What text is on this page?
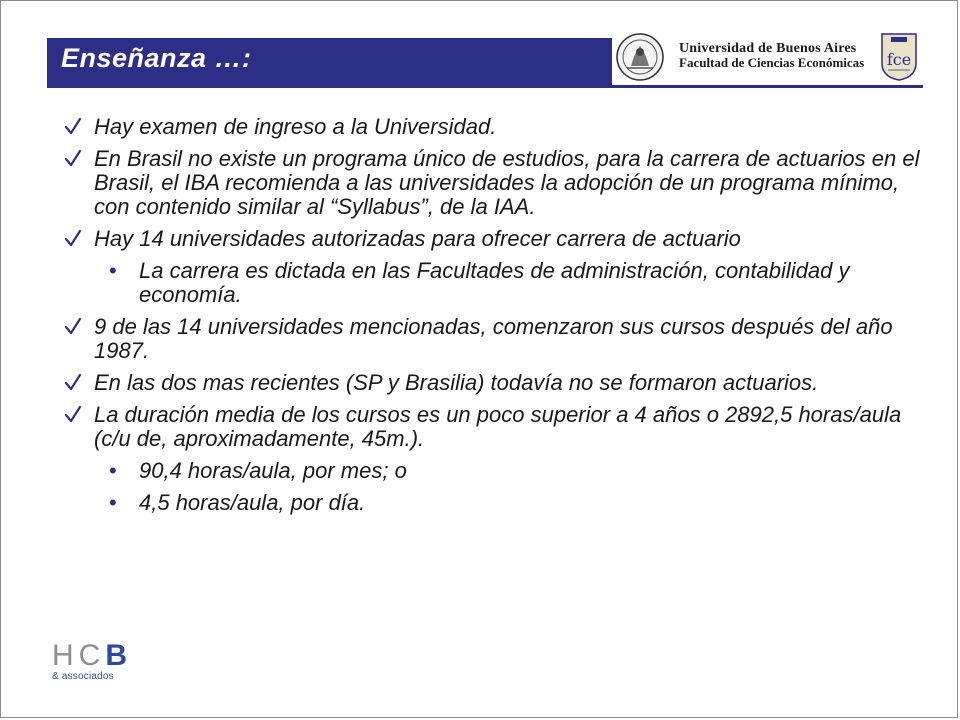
Enseñanza …:	Universidad de Buenos Aires
Facultad de Ciencias Económicas fce
Hay examen de ingreso a la Universidad.
En Brasil no existe un programa único de estudios, para la carrera de actuarios en el Brasil, el IBA recomienda a las universidades la adopción de un programa mínimo, con contenido similar al “Syllabus”, de la IAA.
Hay 14 universidades autorizadas para ofrecer carrera de actuario
• La carrera es dictada en las Facultades de administración, contabilidad y economía.
9 de las 14 universidades mencionadas, comenzaron sus cursos después del año 1987.
En las dos mas recientes (SP y Brasilia) todavía no se formaron actuarios.
La duración media de los cursos es un poco superior a 4 años o 2892,5 horas/aula (c/u de, aproximadamente, 45m.).
• 90,4 horas/aula, por mes; o
• 4,5 horas/aula, por día.
HCB
& associados
